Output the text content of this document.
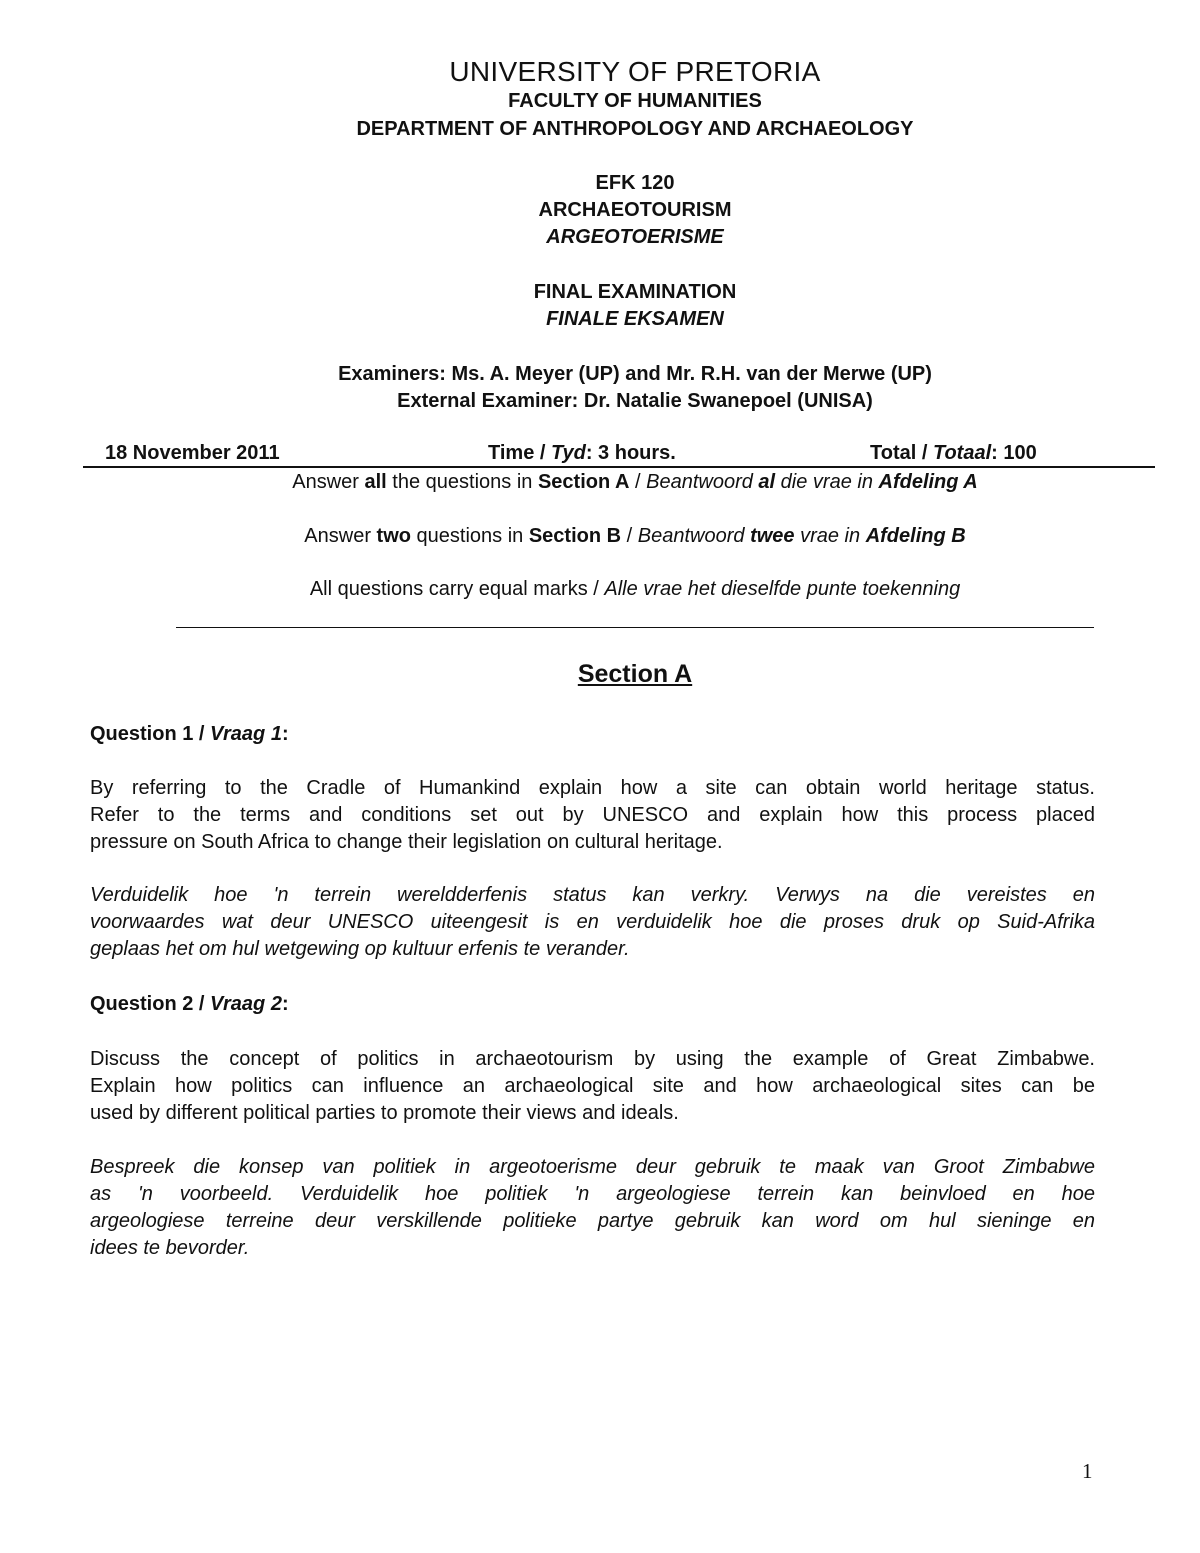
UNIVERSITY OF PRETORIA
FACULTY OF HUMANITIES
DEPARTMENT OF ANTHROPOLOGY AND ARCHAEOLOGY
EFK 120
ARCHAEOTOURISM
ARGEOTOERISME
FINAL EXAMINATION
FINALE EKSAMEN
Examiners: Ms. A. Meyer (UP) and Mr. R.H. van der Merwe (UP)
External Examiner: Dr. Natalie Swanepoel (UNISA)
18 November 2011	Time / Tyd: 3 hours.	Total / Totaal: 100
Answer all the questions in Section A / Beantwoord al die vrae in Afdeling A
Answer two questions in Section B / Beantwoord twee vrae in Afdeling B
All questions carry equal marks / Alle vrae het dieselfde punte toekenning
Section A
Question 1 / Vraag 1:
By referring to the Cradle of Humankind explain how a site can obtain world heritage status.
Refer to the terms and conditions set out by UNESCO and explain how this process placed
pressure on South Africa to change their legislation on cultural heritage.
Verduidelik hoe 'n terrein wereldderfenis status kan verkry. Verwys na die vereistes en
voorwaardes wat deur UNESCO uiteengesit is en verduidelik hoe die proses druk op Suid-Afrika
geplaas het om hul wetgewing op kultuur erfenis te verander.
Question 2 / Vraag 2:
Discuss the concept of politics in archaeotourism by using the example of Great Zimbabwe.
Explain how politics can influence an archaeological site and how archaeological sites can be
used by different political parties to promote their views and ideals.
Bespreek die konsep van politiek in argeotoerisme deur gebruik te maak van Groot Zimbabwe
as 'n voorbeeld. Verduidelik hoe politiek 'n argeologiese terrein kan beinvloed en hoe
argeologiese terreine deur verskillende politieke partye gebruik kan word om hul sieninge en
idees te bevorder.
1
